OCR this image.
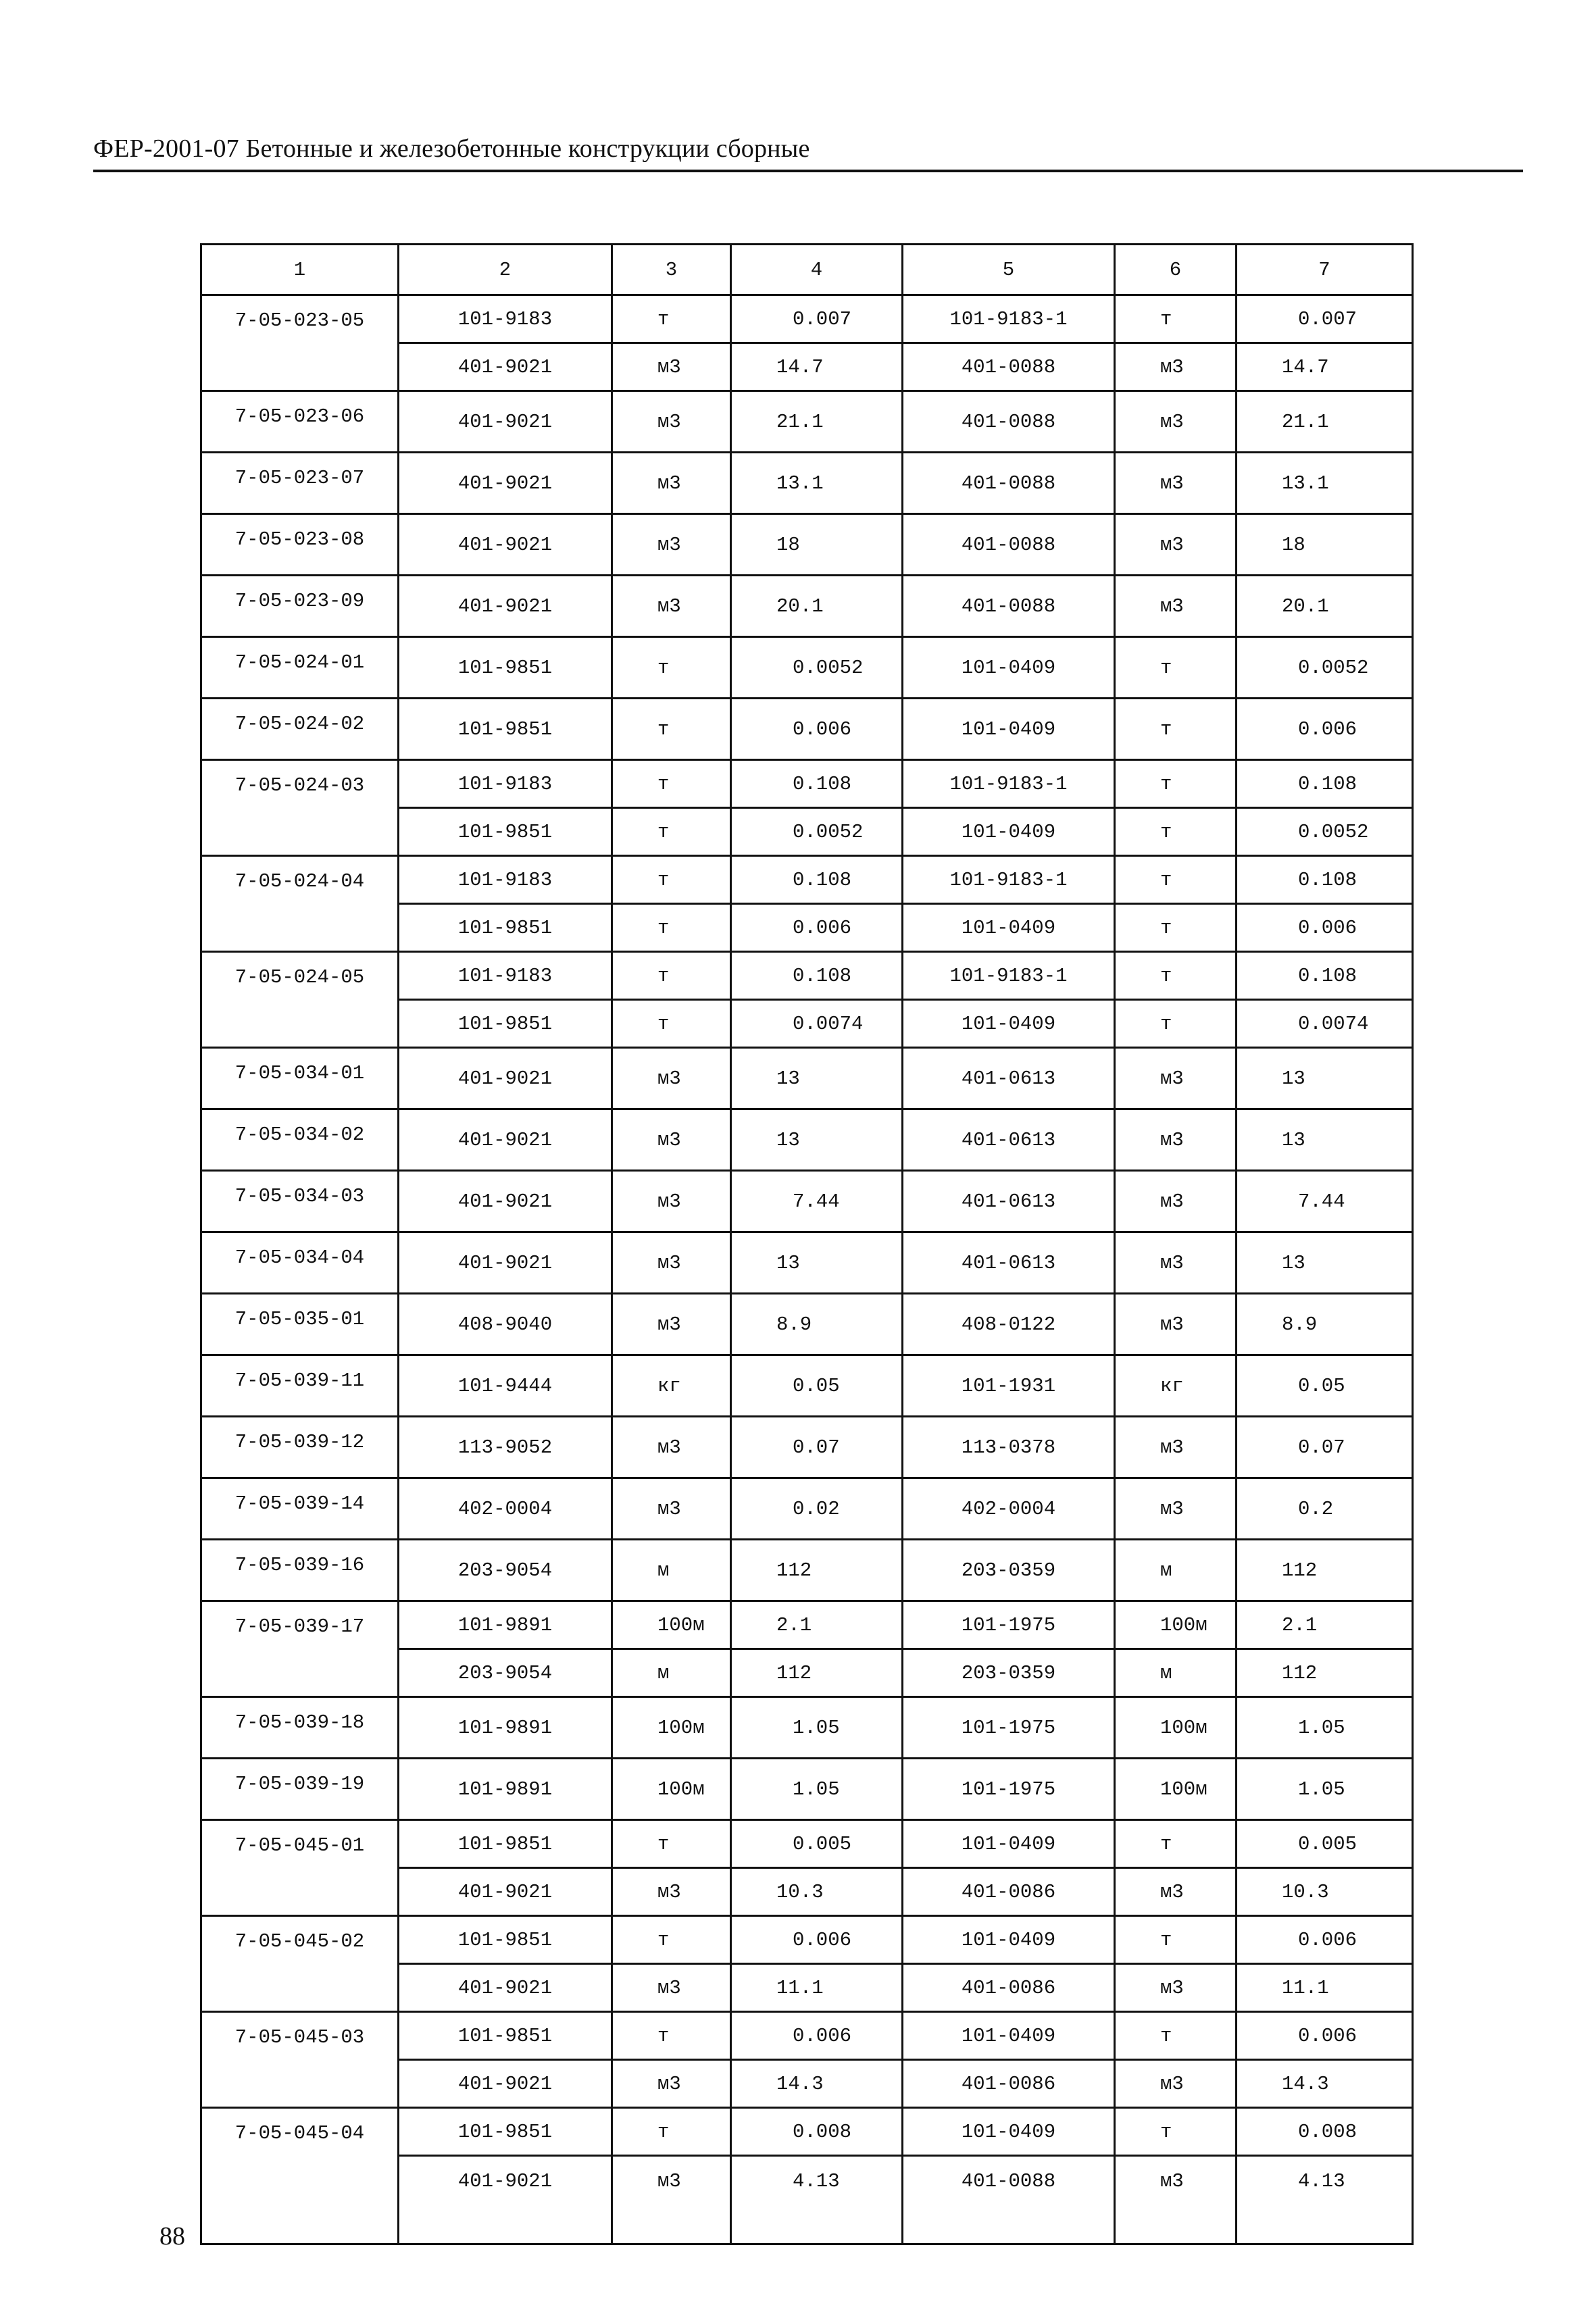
ФЕР-2001-07 Бетонные и железобетонные конструкции сборные
1	2	3	4	5	6	7
7-05-023-05	101-9183	т	0.007	101-9183-1	т	0.007
	401-9021	м3	14.7	401-0088	м3	14.7
7-05-023-06	401-9021	м3	21.1	401-0088	м3	21.1
7-05-023-07	401-9021	м3	13.1	401-0088	м3	13.1
7-05-023-08	401-9021	м3	18	401-0088	м3	18
7-05-023-09	401-9021	м3	20.1	401-0088	м3	20.1
7-05-024-01	101-9851	т	0.0052	101-0409	т	0.0052
7-05-024-02	101-9851	т	0.006	101-0409	т	0.006
7-05-024-03	101-9183	т	0.108	101-9183-1	т	0.108
	101-9851	т	0.0052	101-0409	т	0.0052
7-05-024-04	101-9183	т	0.108	101-9183-1	т	0.108
	101-9851	т	0.006	101-0409	т	0.006
7-05-024-05	101-9183	т	0.108	101-9183-1	т	0.108
	101-9851	т	0.0074	101-0409	т	0.0074
7-05-034-01	401-9021	м3	13	401-0613	м3	13
7-05-034-02	401-9021	м3	13	401-0613	м3	13
7-05-034-03	401-9021	м3	7.44	401-0613	м3	7.44
7-05-034-04	401-9021	м3	13	401-0613	м3	13
7-05-035-01	408-9040	м3	8.9	408-0122	м3	8.9
7-05-039-11	101-9444	кг	0.05	101-1931	кг	0.05
7-05-039-12	113-9052	м3	0.07	113-0378	м3	0.07
7-05-039-14	402-0004	м3	0.02	402-0004	м3	0.2
7-05-039-16	203-9054	м	112	203-0359	м	112
7-05-039-17	101-9891	100м	2.1	101-1975	100м	2.1
	203-9054	м	112	203-0359	м	112
7-05-039-18	101-9891	100м	1.05	101-1975	100м	1.05
7-05-039-19	101-9891	100м	1.05	101-1975	100м	1.05
7-05-045-01	101-9851	т	0.005	101-0409	т	0.005
	401-9021	м3	10.3	401-0086	м3	10.3
7-05-045-02	101-9851	т	0.006	101-0409	т	0.006
	401-9021	м3	11.1	401-0086	м3	11.1
7-05-045-03	101-9851	т	0.006	101-0409	т	0.006
	401-9021	м3	14.3	401-0086	м3	14.3
7-05-045-04	101-9851	т	0.008	101-0409	т	0.008
	401-9021	м3	4.13	401-0088	м3	4.13
88
